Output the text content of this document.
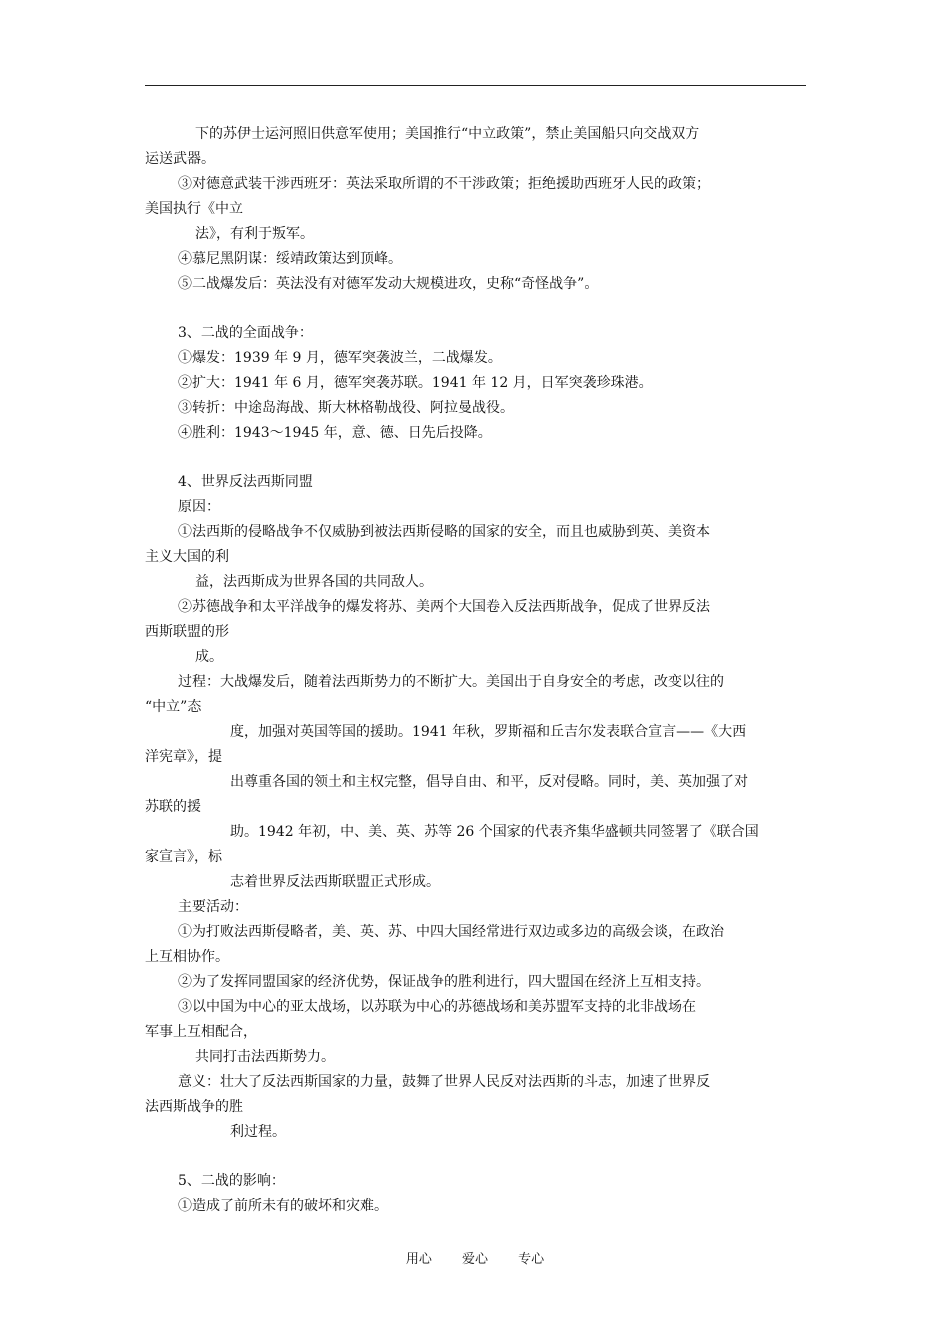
下的苏伊士运河照旧供意军使用；美国推行“中立政策”，禁止美国船只向交战双方
运送武器。
③对德意武装干涉西班牙：英法采取所谓的不干涉政策；拒绝援助西班牙人民的政策；
美国执行《中立
法》，有利于叛军。
④慕尼黑阴谋：绥靖政策达到顶峰。
⑤二战爆发后：英法没有对德军发动大规模进攻，史称“奇怪战争”。
3、二战的全面战争：
①爆发：1939 年 9 月，德军突袭波兰，二战爆发。
②扩大：1941 年 6 月，德军突袭苏联。1941 年 12 月，日军突袭珍珠港。
③转折：中途岛海战、斯大林格勒战役、阿拉曼战役。
④胜利：1943～1945 年，意、德、日先后投降。
4、世界反法西斯同盟
原因：
①法西斯的侵略战争不仅威胁到被法西斯侵略的国家的安全，而且也威胁到英、美资本
主义大国的利
益，法西斯成为世界各国的共同敌人。
②苏德战争和太平洋战争的爆发将苏、美两个大国卷入反法西斯战争，促成了世界反法
西斯联盟的形
成。
过程：大战爆发后，随着法西斯势力的不断扩大。美国出于自身安全的考虑，改变以往的
“中立”态
度，加强对英国等国的援助。1941 年秋，罗斯福和丘吉尔发表联合宣言——《大西
洋宪章》，提
出尊重各国的领土和主权完整，倡导自由、和平，反对侵略。同时，美、英加强了对
苏联的援
助。1942 年初，中、美、英、苏等 26 个国家的代表齐集华盛顿共同签署了《联合国
家宣言》，标
志着世界反法西斯联盟正式形成。
主要活动：
①为打败法西斯侵略者，美、英、苏、中四大国经常进行双边或多边的高级会谈，在政治
上互相协作。
②为了发挥同盟国家的经济优势，保证战争的胜利进行，四大盟国在经济上互相支持。
③以中国为中心的亚太战场，以苏联为中心的苏德战场和美苏盟军支持的北非战场在
军事上互相配合，
共同打击法西斯势力。
意义：壮大了反法西斯国家的力量，鼓舞了世界人民反对法西斯的斗志，加速了世界反
法西斯战争的胜
利过程。
5、二战的影响：
①造成了前所未有的破坏和灾难。
用心 爱心 专心
